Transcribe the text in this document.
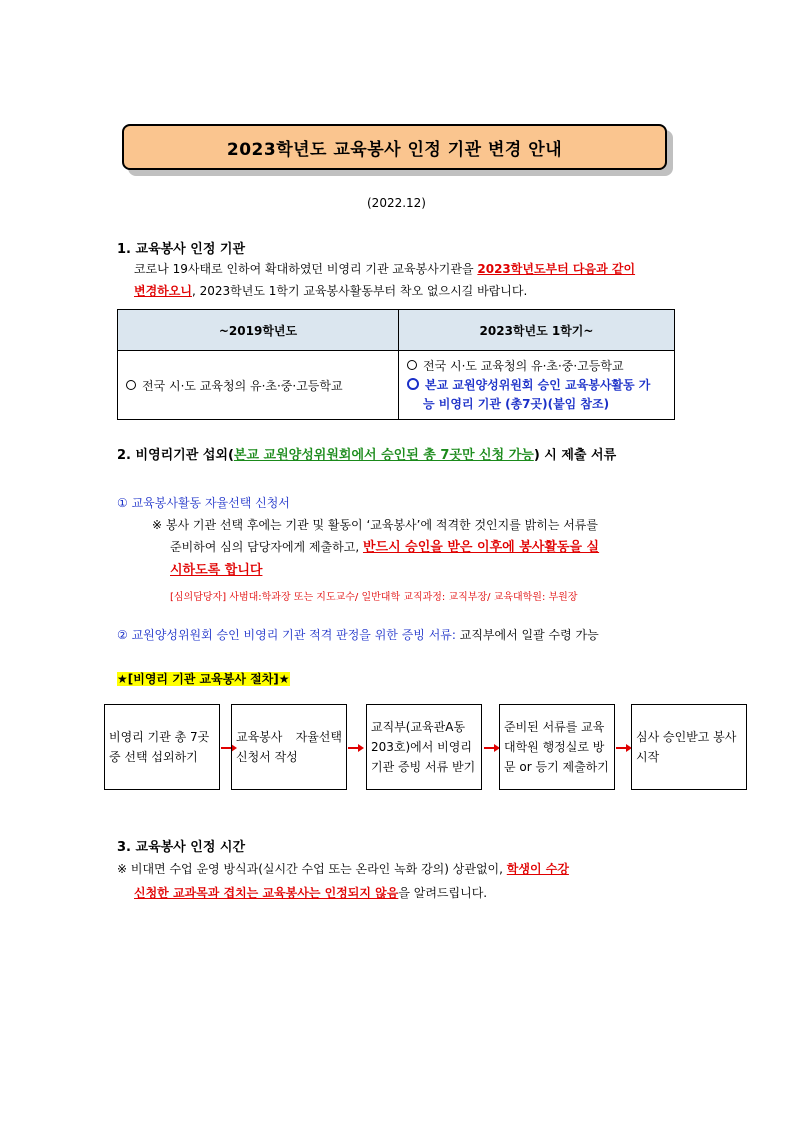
2023학년도 교육봉사 인정 기관 변경 안내
(2022.12)
1. 교육봉사 인정 기관
코로나 19사태로 인하여 확대하였던 비영리 기관 교육봉사기관을 2023학년도부터 다음과 같이
변경하오니, 2023학년도 1학기 교육봉사활동부터 착오 없으시길 바랍니다.
~2019학년도	2023학년도 1학기~
전국 시·도 교육청의 유·초·중·고등학교	전국 시·도 교육청의 유·초·중·고등학교
본교 교원양성위원회 승인 교육봉사활동 가
능 비영리 기관 (총7곳)(붙임 참조)
2. 비영리기관 섭외(본교 교원양성위원회에서 승인된 총 7곳만 신청 가능) 시 제출 서류
① 교육봉사활동 자율선택 신청서
※ 봉사 기관 선택 후에는 기관 및 활동이 ‘교육봉사’에 적격한 것인지를 밝히는 서류를
준비하여 심의 담당자에게 제출하고, 반드시 승인을 받은 이후에 봉사활동을 실
시하도록 합니다
[심의담당자] 사범대:학과장 또는 지도교수/ 일반대학 교직과정: 교직부장/ 교육대학원: 부원장
② 교원양성위원회 승인 비영리 기관 적격 판정을 위한 증빙 서류: 교직부에서 일괄 수령 가능
★[비영리 기관 교육봉사 절차]★
비영리 기관 총 7곳 중 선택 섭외하기
교육봉사 자율선택 신청서 작성
교직부(교육관A동 203호)에서 비영리 기관 증빙 서류 받기
준비된 서류를 교육대학원 행정실로 방문 or 등기 제출하기
심사 승인받고 봉사시작
3. 교육봉사 인정 시간
※ 비대면 수업 운영 방식과(실시간 수업 또는 온라인 녹화 강의) 상관없이, 학생이 수강
신청한 교과목과 겹치는 교육봉사는 인정되지 않음을 알려드립니다.
